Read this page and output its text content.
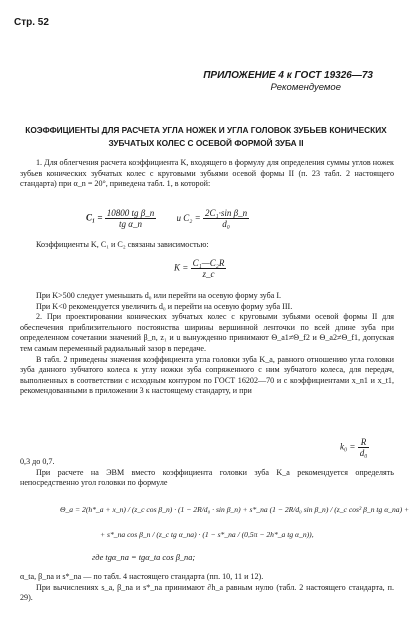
Стр. 52
ПРИЛОЖЕНИЕ 4 к ГОСТ 19326—73
Рекомендуемое
КОЭФФИЦИЕНТЫ ДЛЯ РАСЧЕТА УГЛА НОЖЕК И УГЛА ГОЛОВОК ЗУБЬЕВ КОНИЧЕСКИХ ЗУБЧАТЫХ КОЛЕС С ОСЕВОЙ ФОРМОЙ ЗУБА II

1. Для облегчения расчета коэффициента K, входящего в формулу для определения суммы углов ножек зубьев конических зубчатых колес с круговыми зубьями осевой формы II (п. 23 табл. 2 настоящего стандарта) при α_n = 20°, приведена табл. 1, в которой:

$C_1 = \frac{\text{10800 tg β\_n}}{\text{tg α\_n}}$ и $C_2 = \frac{\text{2C₁·sin β\_n}}{\text{d₀}}$

Коэффициенты K, C₁ и C₂ связаны зависимостью:

$K = \frac{\text{C₁—C₂R}}{z\_c}$

При K>500 следует уменьшать d₀ или перейти на осевую форму зуба I.

При K<0 рекомендуется увеличить d₀ и перейти на осевую форму зуба III.

2. При проектировании конических зубчатых колес с круговыми зубьями осевой формы II для обеспечения приблизительного постоянства ширины вершинной ленточки по всей длине зуба при определенном сочетании значений β_n, z₁ и u вынужденно принимают Θ_a1≠Θ_f2 и Θ_a2≠Θ_f1, допуская тем самым переменный радиальный зазор в передаче.

В табл. 2 приведены значения коэффициента угла головки зуба K_a, равного отношению угла головки зуба данного зубчатого колеса к углу ножки зуба сопряженного с ним зубчатого колеса, для передач, выполненных в соответствии с исходным контуром по ГОСТ 16202—70 и с коэффициентами x_n1 и x_t1, рекомендованными в приложении 3 к настоящему стандарту, и при

$k_0 = \frac{R}{\text{d₀}}$

0,3 до 0,7.

При расчете на ЭВМ вместо коэффициента головки зуба K_a рекомендуется определять непосредственно угол головки по формуле

Θ_a = 2(h*_a + x_n) / (z_c cos β_n) · (1 − 2R/d₀ · sin β_n) + s*_na (1 − 2R/d₀ sin β_n) / (z_c cos² β_n tg α_na) +
+ s*_na cos β_n / (z_c tg α_na) · (1 − s*_na / (0,5π − 2h*_a tg α_n)),
где tgα_na = tgα_ta cos β_na;

α_ta, β_na и s*_na — по табл. 4 настоящего стандарта (пп. 10, 11 и 12).

При вычислениях s_a, β_na и s*_na принимают ∂h_a равным нулю (табл. 2 настоящего стандарта, п. 29).
